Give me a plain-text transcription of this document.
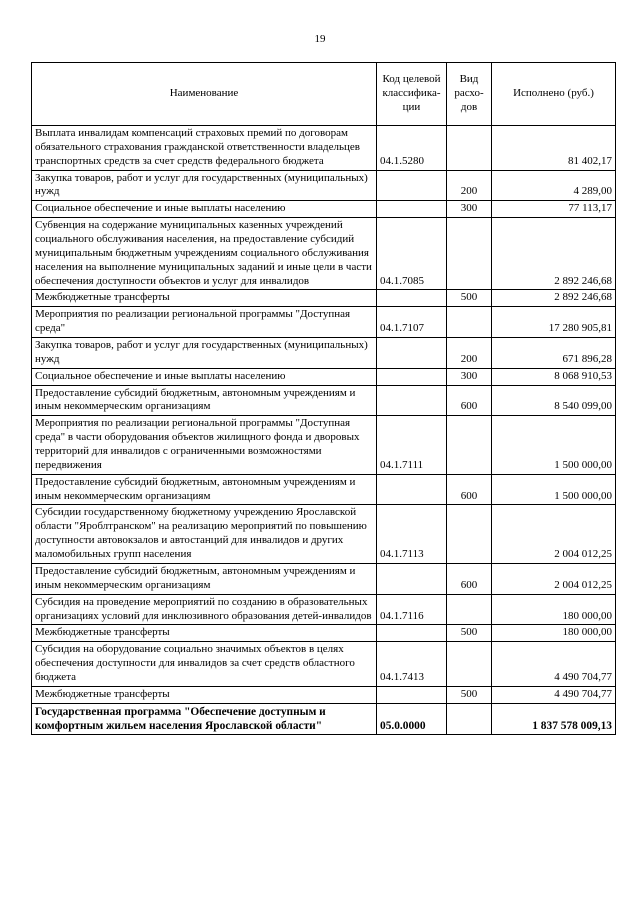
19
Наименование	Код целевой классифика-ции	Вид расхо-дов	Исполнено (руб.)
Выплата инвалидам компенсаций страховых премий по договорам обязательного страхования гражданской ответственности владельцев транспортных средств за счет средств федерального бюджета	04.1.5280		81 402,17
Закупка товаров, работ и услуг для государственных (муниципальных) нужд		200	4 289,00
Социальное обеспечение и иные выплаты населению		300	77 113,17
Субвенция на содержание муниципальных казенных учреждений социального обслуживания населения, на предоставление субсидий муниципальным бюджетным учреждениям социального обслуживания населения на выполнение муниципальных заданий и иные цели в части обеспечения доступности объектов и услуг для инвалидов	04.1.7085		2 892 246,68
Межбюджетные трансферты		500	2 892 246,68
Мероприятия по реализации региональной программы "Доступная среда"	04.1.7107		17 280 905,81
Закупка товаров, работ и услуг для государственных (муниципальных) нужд		200	671 896,28
Социальное обеспечение и иные выплаты населению		300	8 068 910,53
Предоставление субсидий бюджетным, автономным учреждениям и иным некоммерческим организациям		600	8 540 099,00
Мероприятия по реализации региональной программы "Доступная среда" в части оборудования объектов жилищного фонда и дворовых территорий для инвалидов с ограниченными возможностями передвижения	04.1.7111		1 500 000,00
Предоставление субсидий бюджетным, автономным учреждениям и иным некоммерческим организациям		600	1 500 000,00
Субсидии государственному бюджетному учреждению Ярославской области "Яроблтранском" на реализацию мероприятий по повышению доступности автовокзалов и автостанций для инвалидов и других маломобильных групп населения	04.1.7113		2 004 012,25
Предоставление субсидий бюджетным, автономным учреждениям и иным некоммерческим организациям		600	2 004 012,25
Субсидия на проведение мероприятий по созданию в образовательных организациях условий для инклюзивного образования детей-инвалидов	04.1.7116		180 000,00
Межбюджетные трансферты		500	180 000,00
Субсидия на оборудование социально значимых объектов в целях обеспечения доступности для инвалидов за счет средств областного бюджета	04.1.7413		4 490 704,77
Межбюджетные трансферты		500	4 490 704,77
Государственная программа "Обеспечение доступным и комфортным жильем населения Ярославской области"	05.0.0000		1 837 578 009,13
